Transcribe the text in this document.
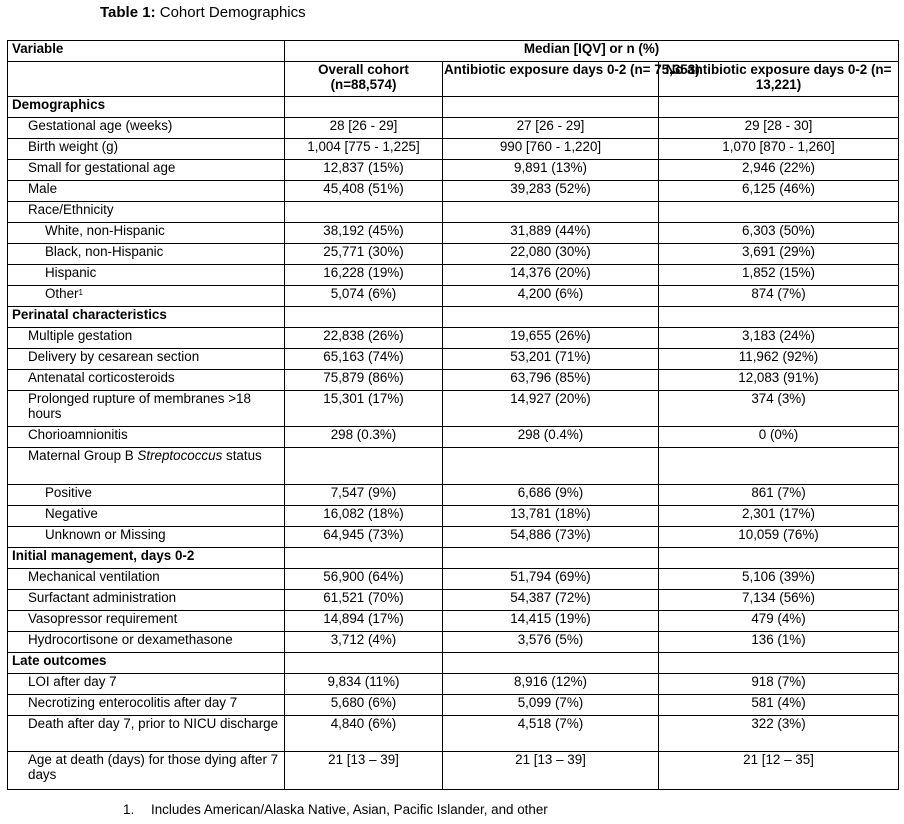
Table 1: Cohort Demographics
Variable	Median [IQV] or n (%)		
	Overall cohort (n=88,574)	Antibiotic exposure days 0-2 (n= 75,353)	No antibiotic exposure days 0-2 (n= 13,221)
Demographics			
Gestational age (weeks)	28 [26 - 29]	27 [26 - 29]	29 [28 - 30]
Birth weight (g)	1,004 [775 - 1,225]	990 [760 - 1,220]	1,070 [870 - 1,260]
Small for gestational age	12,837 (15%)	9,891 (13%)	2,946 (22%)
Male	45,408 (51%)	39,283 (52%)	6,125 (46%)
Race/Ethnicity			
White, non-Hispanic	38,192 (45%)	31,889 (44%)	6,303 (50%)
Black, non-Hispanic	25,771 (30%)	22,080 (30%)	3,691 (29%)
Hispanic	16,228 (19%)	14,376 (20%)	1,852 (15%)
Other$^1$	5,074 (6%)	4,200 (6%)	874 (7%)
Perinatal characteristics			
Multiple gestation	22,838 (26%)	19,655 (26%)	3,183 (24%)
Delivery by cesarean section	65,163 (74%)	53,201 (71%)	11,962 (92%)
Antenatal corticosteroids	75,879 (86%)	63,796 (85%)	12,083 (91%)
Prolonged rupture of membranes >18 hours	15,301 (17%)	14,927 (20%)	374 (3%)
Chorioamnionitis	298 (0.3%)	298 (0.4%)	0 (0%)
Maternal Group B Streptococcus status			
Positive	7,547 (9%)	6,686 (9%)	861 (7%)
Negative	16,082 (18%)	13,781 (18%)	2,301 (17%)
Unknown or Missing	64,945 (73%)	54,886 (73%)	10,059 (76%)
Initial management, days 0-2			
Mechanical ventilation	56,900 (64%)	51,794 (69%)	5,106 (39%)
Surfactant administration	61,521 (70%)	54,387 (72%)	7,134 (56%)
Vasopressor requirement	14,894 (17%)	14,415 (19%)	479 (4%)
Hydrocortisone or dexamethasone	3,712 (4%)	3,576 (5%)	136 (1%)
Late outcomes			
LOI after day 7	9,834 (11%)	8,916 (12%)	918 (7%)
Necrotizing enterocolitis after day 7	5,680 (6%)	5,099 (7%)	581 (4%)
Death after day 7, prior to NICU discharge	4,840 (6%)	4,518 (7%)	322 (3%)
Age at death (days) for those dying after 7 days	21 [13 – 39]	21 [13 – 39]	21 [12 – 35]
1. Includes American/Alaska Native, Asian, Pacific Islander, and other
